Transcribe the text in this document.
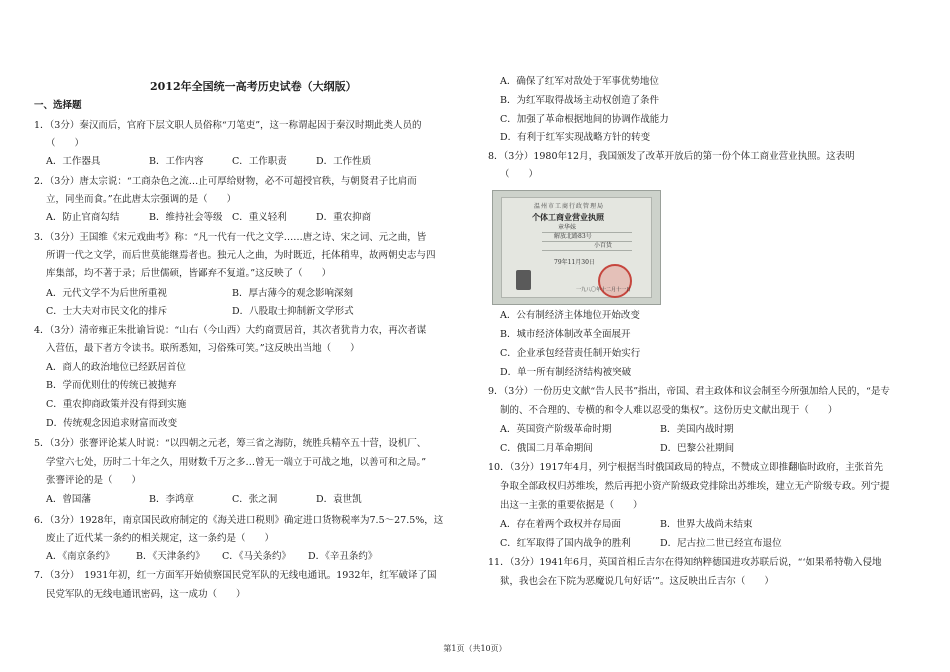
2012年全国统一高考历史试卷（大纲版）
一、选择题
1．（3分）秦汉而后，官府下层文职人员俗称“刀笔吏”，这一称谓起因于秦汉时期此类人员的
（　　）
A．工作器具	B．工作内容	C．工作职责	D．工作性质
2．（3分）唐太宗说：“工商杂色之流…止可厚给财物，必不可超授官秩，与朝贤君子比肩而
立，同坐而食。”在此唐太宗强调的是（　　）
A．防止官商勾结	B．维持社会等级 C．重义轻利	D．重农抑商
3．（3分）王国维《宋元戏曲考》称：“凡一代有一代之文学……唐之诗、宋之词、元之曲，皆
所谓一代之文学，而后世莫能继焉者也。独元人之曲，为时既近，托体稍卑，故两朝史志与四
库集部，均不著于录；后世儒硕，皆鄙弃不复道。”这反映了（　　）
A．元代文学不为后世所重视	B．厚古薄今的观念影响深刻
C．士大夫对市民文化的排斥	D．八股取士抑制新文学形式
4．（3分）清帝雍正朱批谕旨说：“山右（今山西）大约商贾居首，其次者犹肯力农，再次者谋
入营伍，最下者方令读书。联所悉知，习俗殊可笑。”这反映出当地（　　）
A．商人的政治地位已经跃居首位
B．学而优则仕的传统已被抛弃
C．重农抑商政策并没有得到实施
D．传统观念因追求财富而改变
5．（3分）张謇评论某人时说：“以四朝之元老，筹三省之海防，统胜兵精卒五十营，设机厂、
学堂六七处，历时二十年之久，用财数千万之多…曾无一端立于可战之地，以善可和之局。”
张謇评论的是（　　）
A．曾国藩	B．李鸿章	C．张之洞	D．袁世凯
6．（3分）1928年，南京国民政府制定的《海关进口税则》确定进口货物税率为7.5～27.5%，这
废止了近代某一条约的相关规定，这一条约是（　　）
A．《南京条约》 B．《天津条约》 C．《马关条约》 D．《辛丑条约》
7．（3分）　1931年初，红一方面军开始侦察国民党军队的无线电通讯。1932年，红军破译了国
民党军队的无线电通讯密码，这一成功（　　）
A．确保了红军对敌处于军事优势地位
B．为红军取得战场主动权创造了条件
C．加强了革命根据地间的协调作战能力
D．有利于红军实现战略方针的转变
8．（3分）1980年12月，我国颁发了改革开放后的第一份个体工商业营业执照。这表明
（　　）
A．公有制经济主体地位开始改变
B．城市经济体制改革全面展开
C．企业承包经营责任制开始实行
D．单一所有制经济结构被突破
9．（3分）一份历史文献“告人民书”指出，帝国、君主政体和议会制至今所强加给人民的，“是专
制的、不合理的、专横的和令人难以忍受的集权”。这份历史文献出现于（　　）
A．英国资产阶级革命时期	B．美国内战时期
C．俄国二月革命期间	D．巴黎公社期间
10．（3分）1917年4月，列宁根据当时俄国政局的特点，不赞成立即推翻临时政府，主张首先
争取全部政权归苏维埃，然后再把小资产阶级政党排除出苏维埃，建立无产阶级专政。列宁提
出这一主张的重要依据是（　　）
A．存在着两个政权并存局面	B．世界大战尚未结束
C．红军取得了国内战争的胜利	D．尼古拉二世已经宣布退位
11．（3分）1941年6月，英国首相丘吉尔在得知纳粹德国进攻苏联后说，“‘如果希特勒入侵地
狱，我也会在下院为恶魔说几句好话’”。这反映出丘吉尔（　　）
温州市工商行政管理局
个体工商业营业执照
章华妹
解放北路83号
小百货
79年11月30日
一九八〇年十二月十一日
第1页（共10页）
